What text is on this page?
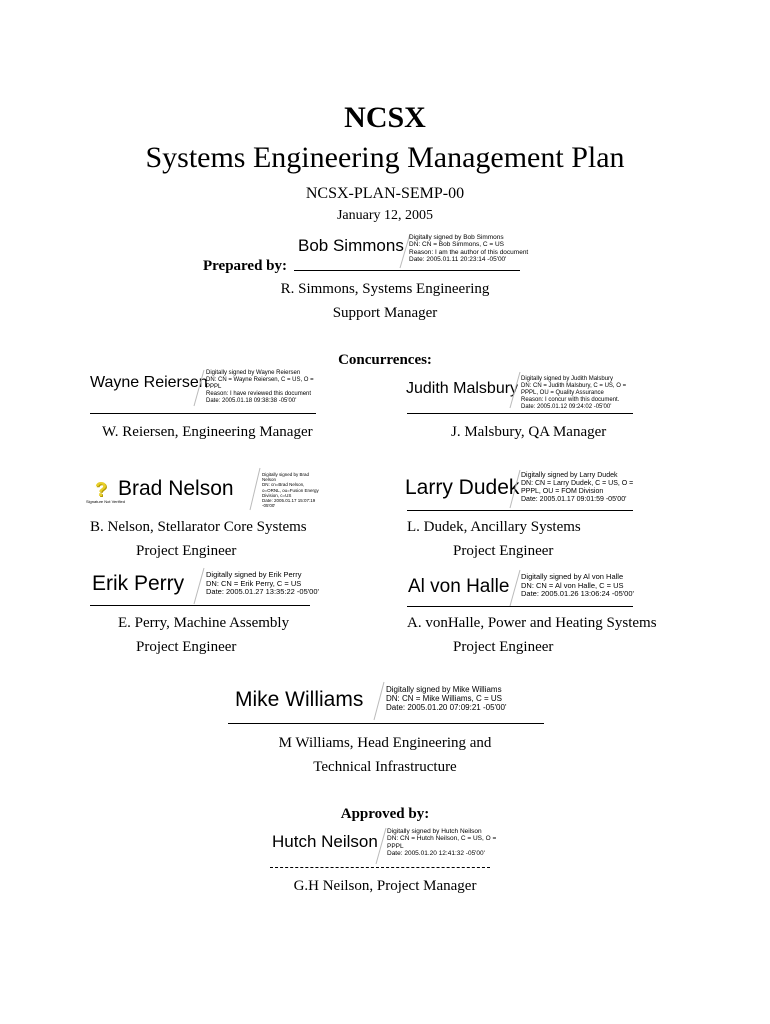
NCSX
Systems Engineering Management Plan
NCSX-PLAN-SEMP-00
January 12, 2005
Prepared by:
Bob Simmons Digitally signed by Bob Simmons
DN: CN = Bob Simmons, C = US
Reason: I am the author of this document
Date: 2005.01.11 20:23:14 -05'00'
R. Simmons, Systems Engineering
Support Manager
Concurrences:
Wayne Reiersen
Digitally signed by Wayne Reiersen
DN: CN = Wayne Reiersen, C = US, O =
PPPL
Reason: I have reviewed this document
Date: 2005.01.18 09:38:38 -05'00'
W. Reiersen, Engineering Manager
Judith Malsbury
Digitally signed by Judith Malsbury
DN: CN = Judith Malsbury, C = US, O =
PPPL, OU = Quality Assurance
Reason: I concur with this document.
Date: 2005.01.12 09:24:02 -05'00'
J. Malsbury, QA Manager
?
Signature Not Verified
Brad Nelson
Digitally signed by Brad
Nelson
DN: cn=Brad Nelson,
o=ORNL, ou=Fusion Energy
Division, c=US
Date: 2005.01.17 15:07:19
-05'00'
B. Nelson, Stellarator Core Systems
Project Engineer
Larry Dudek
Digitally signed by Larry Dudek
DN: CN = Larry Dudek, C = US, O =
PPPL, OU = FOM Division
Date: 2005.01.17 09:01:59 -05'00'
L. Dudek, Ancillary Systems
Project Engineer
Erik Perry	Digitally signed by Erik Perry
DN: CN = Erik Perry, C = US
Date: 2005.01.27 13:35:22 -05'00'
E. Perry, Machine Assembly
Project Engineer
Al von Halle Digitally signed by Al von Halle
DN: CN = Al von Halle, C = US
Date: 2005.01.26 13:06:24 -05'00'
A. vonHalle, Power and Heating Systems
Project Engineer
Mike Williams	Digitally signed by Mike Williams
DN: CN = Mike Williams, C = US
Date: 2005.01.20 07:09:21 -05'00'
M Williams, Head Engineering and
Technical Infrastructure
Approved by:
Hutch Neilson
Digitally signed by Hutch Neilson
DN: CN = Hutch Neilson, C = US, O =
PPPL
Date: 2005.01.20 12:41:32 -05'00'
G.H Neilson, Project Manager
